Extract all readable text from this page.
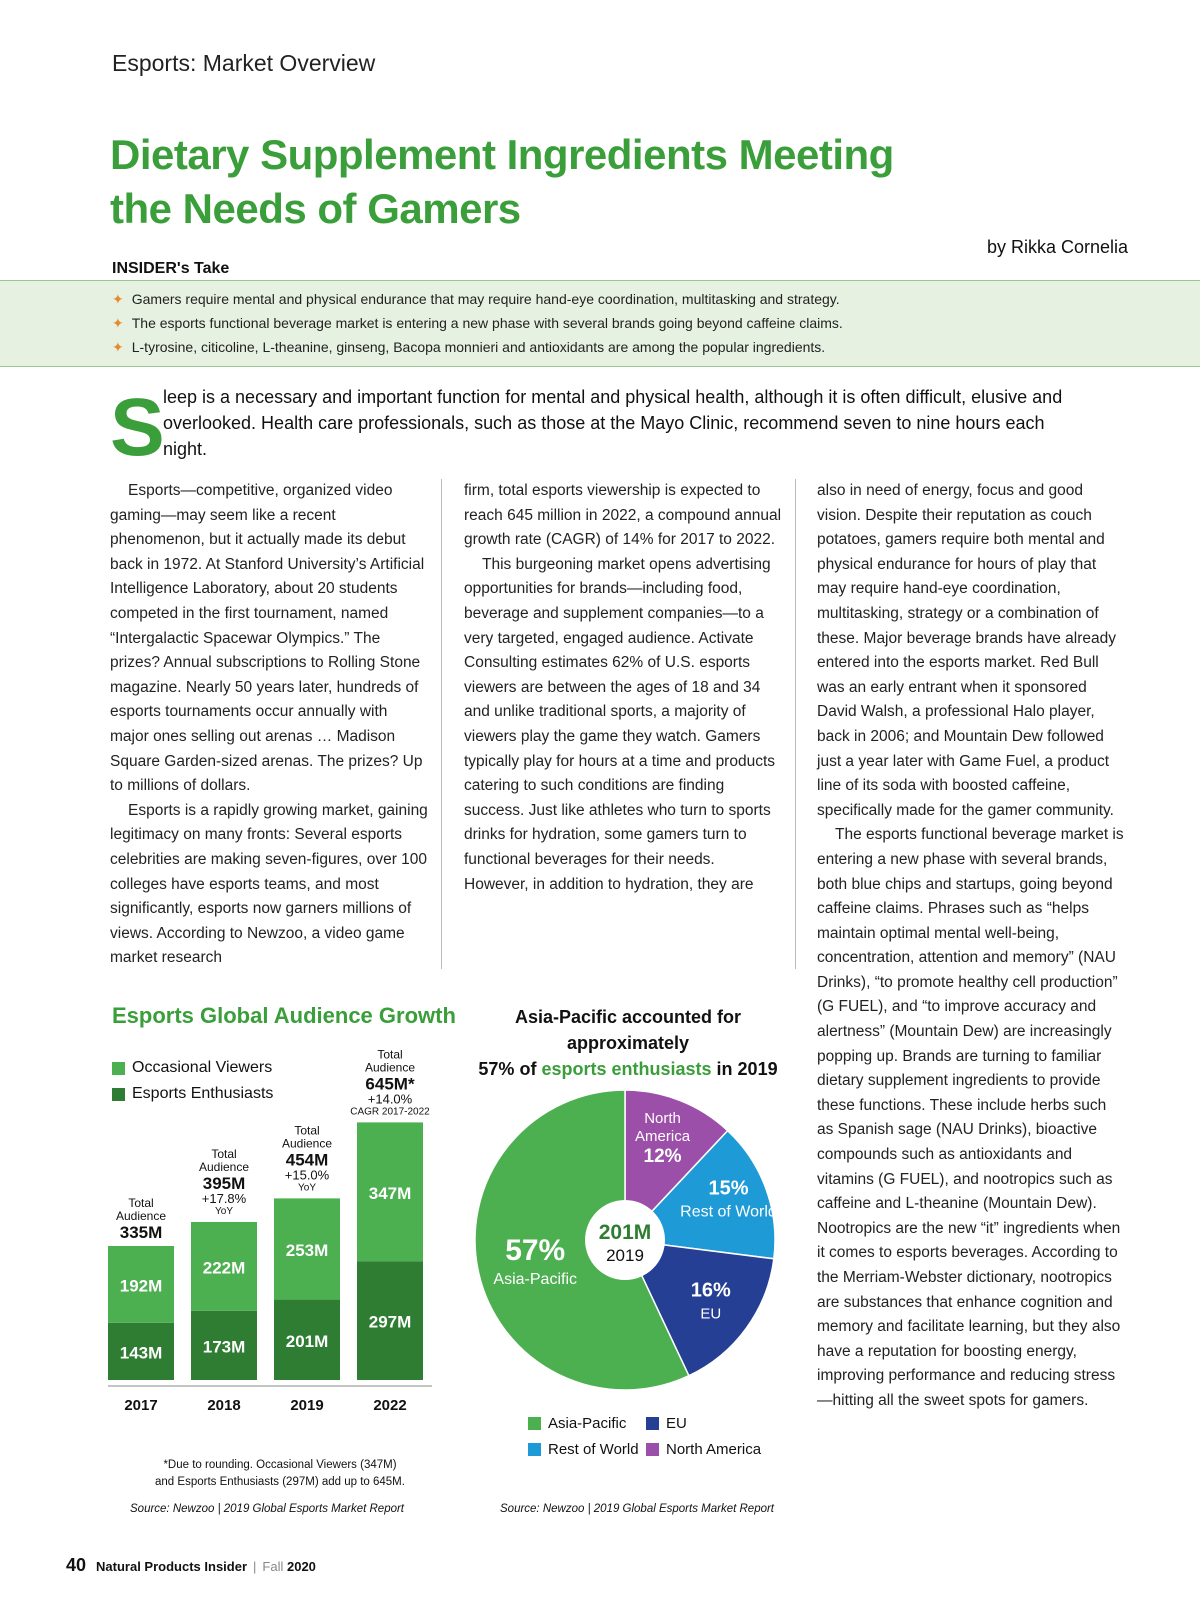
Esports: Market Overview
Dietary Supplement Ingredients Meeting
the Needs of Gamers
by Rikka Cornelia
INSIDER's Take
✦ Gamers require mental and physical endurance that may require hand-eye coordination, multitasking and strategy.
✦ The esports functional beverage market is entering a new phase with several brands going beyond caffeine claims.
✦ L-tyrosine, citicoline, L-theanine, ginseng, Bacopa monnieri and antioxidants are among the popular ingredients.
S
leep is a necessary and important function for mental and physical health, although it is often difficult, elusive and overlooked. Health care professionals, such as those at the Mayo Clinic, recommend seven to nine hours each night.

Esports—competitive, organized video gaming—may seem like a recent phenomenon, but it actually made its debut back in 1972. At Stanford University’s Artificial Intelligence Laboratory, about 20 students competed in the first tournament, named “Intergalactic Spacewar Olympics.” The prizes? Annual subscriptions to Rolling Stone magazine. Nearly 50 years later, hundreds of esports tournaments occur annually with major ones selling out arenas … Madison Square Garden-sized arenas. The prizes? Up to millions of dollars.

Esports is a rapidly growing market, gaining legitimacy on many fronts: Several esports celebrities are making seven-figures, over 100 colleges have esports teams, and most significantly, esports now garners millions of views. According to Newzoo, a video game market research

firm, total esports viewership is expected to reach 645 million in 2022, a compound annual growth rate (CAGR) of 14% for 2017 to 2022.

This burgeoning market opens advertising opportunities for brands—including food, beverage and supplement companies—to a very targeted, engaged audience. Activate Consulting estimates 62% of U.S. esports viewers are between the ages of 18 and 34 and unlike traditional sports, a majority of viewers play the game they watch. Gamers typically play for hours at a time and products catering to such conditions are finding success. Just like athletes who turn to sports drinks for hydration, some gamers turn to functional beverages for their needs. However, in addition to hydration, they are

also in need of energy, focus and good vision. Despite their reputation as couch potatoes, gamers require both mental and physical endurance for hours of play that may require hand-eye coordination, multitasking, strategy or a combination of these. Major beverage brands have already entered into the esports market. Red Bull was an early entrant when it sponsored David Walsh, a professional Halo player, back in 2006; and Mountain Dew followed just a year later with Game Fuel, a product line of its soda with boosted caffeine, specifically made for the gamer community.

The esports functional beverage market is entering a new phase with several brands, both blue chips and startups, going beyond caffeine claims. Phrases such as “helps maintain optimal mental well-being, concentration, attention and memory” (NAU Drinks), “to promote healthy cell production” (G FUEL), and “to improve accuracy and alertness” (Mountain Dew) are increasingly popping up. Brands are turning to familiar dietary supplement ingredients to provide these functions. These include herbs such as Spanish sage (NAU Drinks), bioactive compounds such as antioxidants and vitamins (G FUEL), and nootropics such as caffeine and L-theanine (Mountain Dew). Nootropics are the new “it” ingredients when it comes to esports beverages. According to the Merriam-Webster dictionary, nootropics are substances that enhance cognition and memory and facilitate learning, but they also have a reputation for boosting energy, improving performance and reducing stress—hitting all the sweet spots for gamers.

Esports Global Audience Growth
Occasional Viewers
Esports Enthusiasts
143M
192M
2017
335M
Audience
Total
173M
222M
2018
YoY
+17.8%
395M
Audience
Total
201M
253M
2019
YoY
+15.0%
454M
Audience
Total
297M
347M
2022
CAGR 2017-2022
+14.0%
645M*
Audience
Total
*Due to rounding. Occasional Viewers (347M)
and Esports Enthusiasts (297M) add up to 645M.
Source: Newzoo | 2019 Global Esports Market Report
Asia-Pacific accounted for approximately
57% of esports enthusiasts in 2019
North
America
12%
15%
Rest of World
16%
EU
57%
Asia-Pacific
201M
2019
Asia-Pacific	EU
Rest of World North America
Source: Newzoo | 2019 Global Esports Market Report
40 Natural Products Insider | Fall 2020
